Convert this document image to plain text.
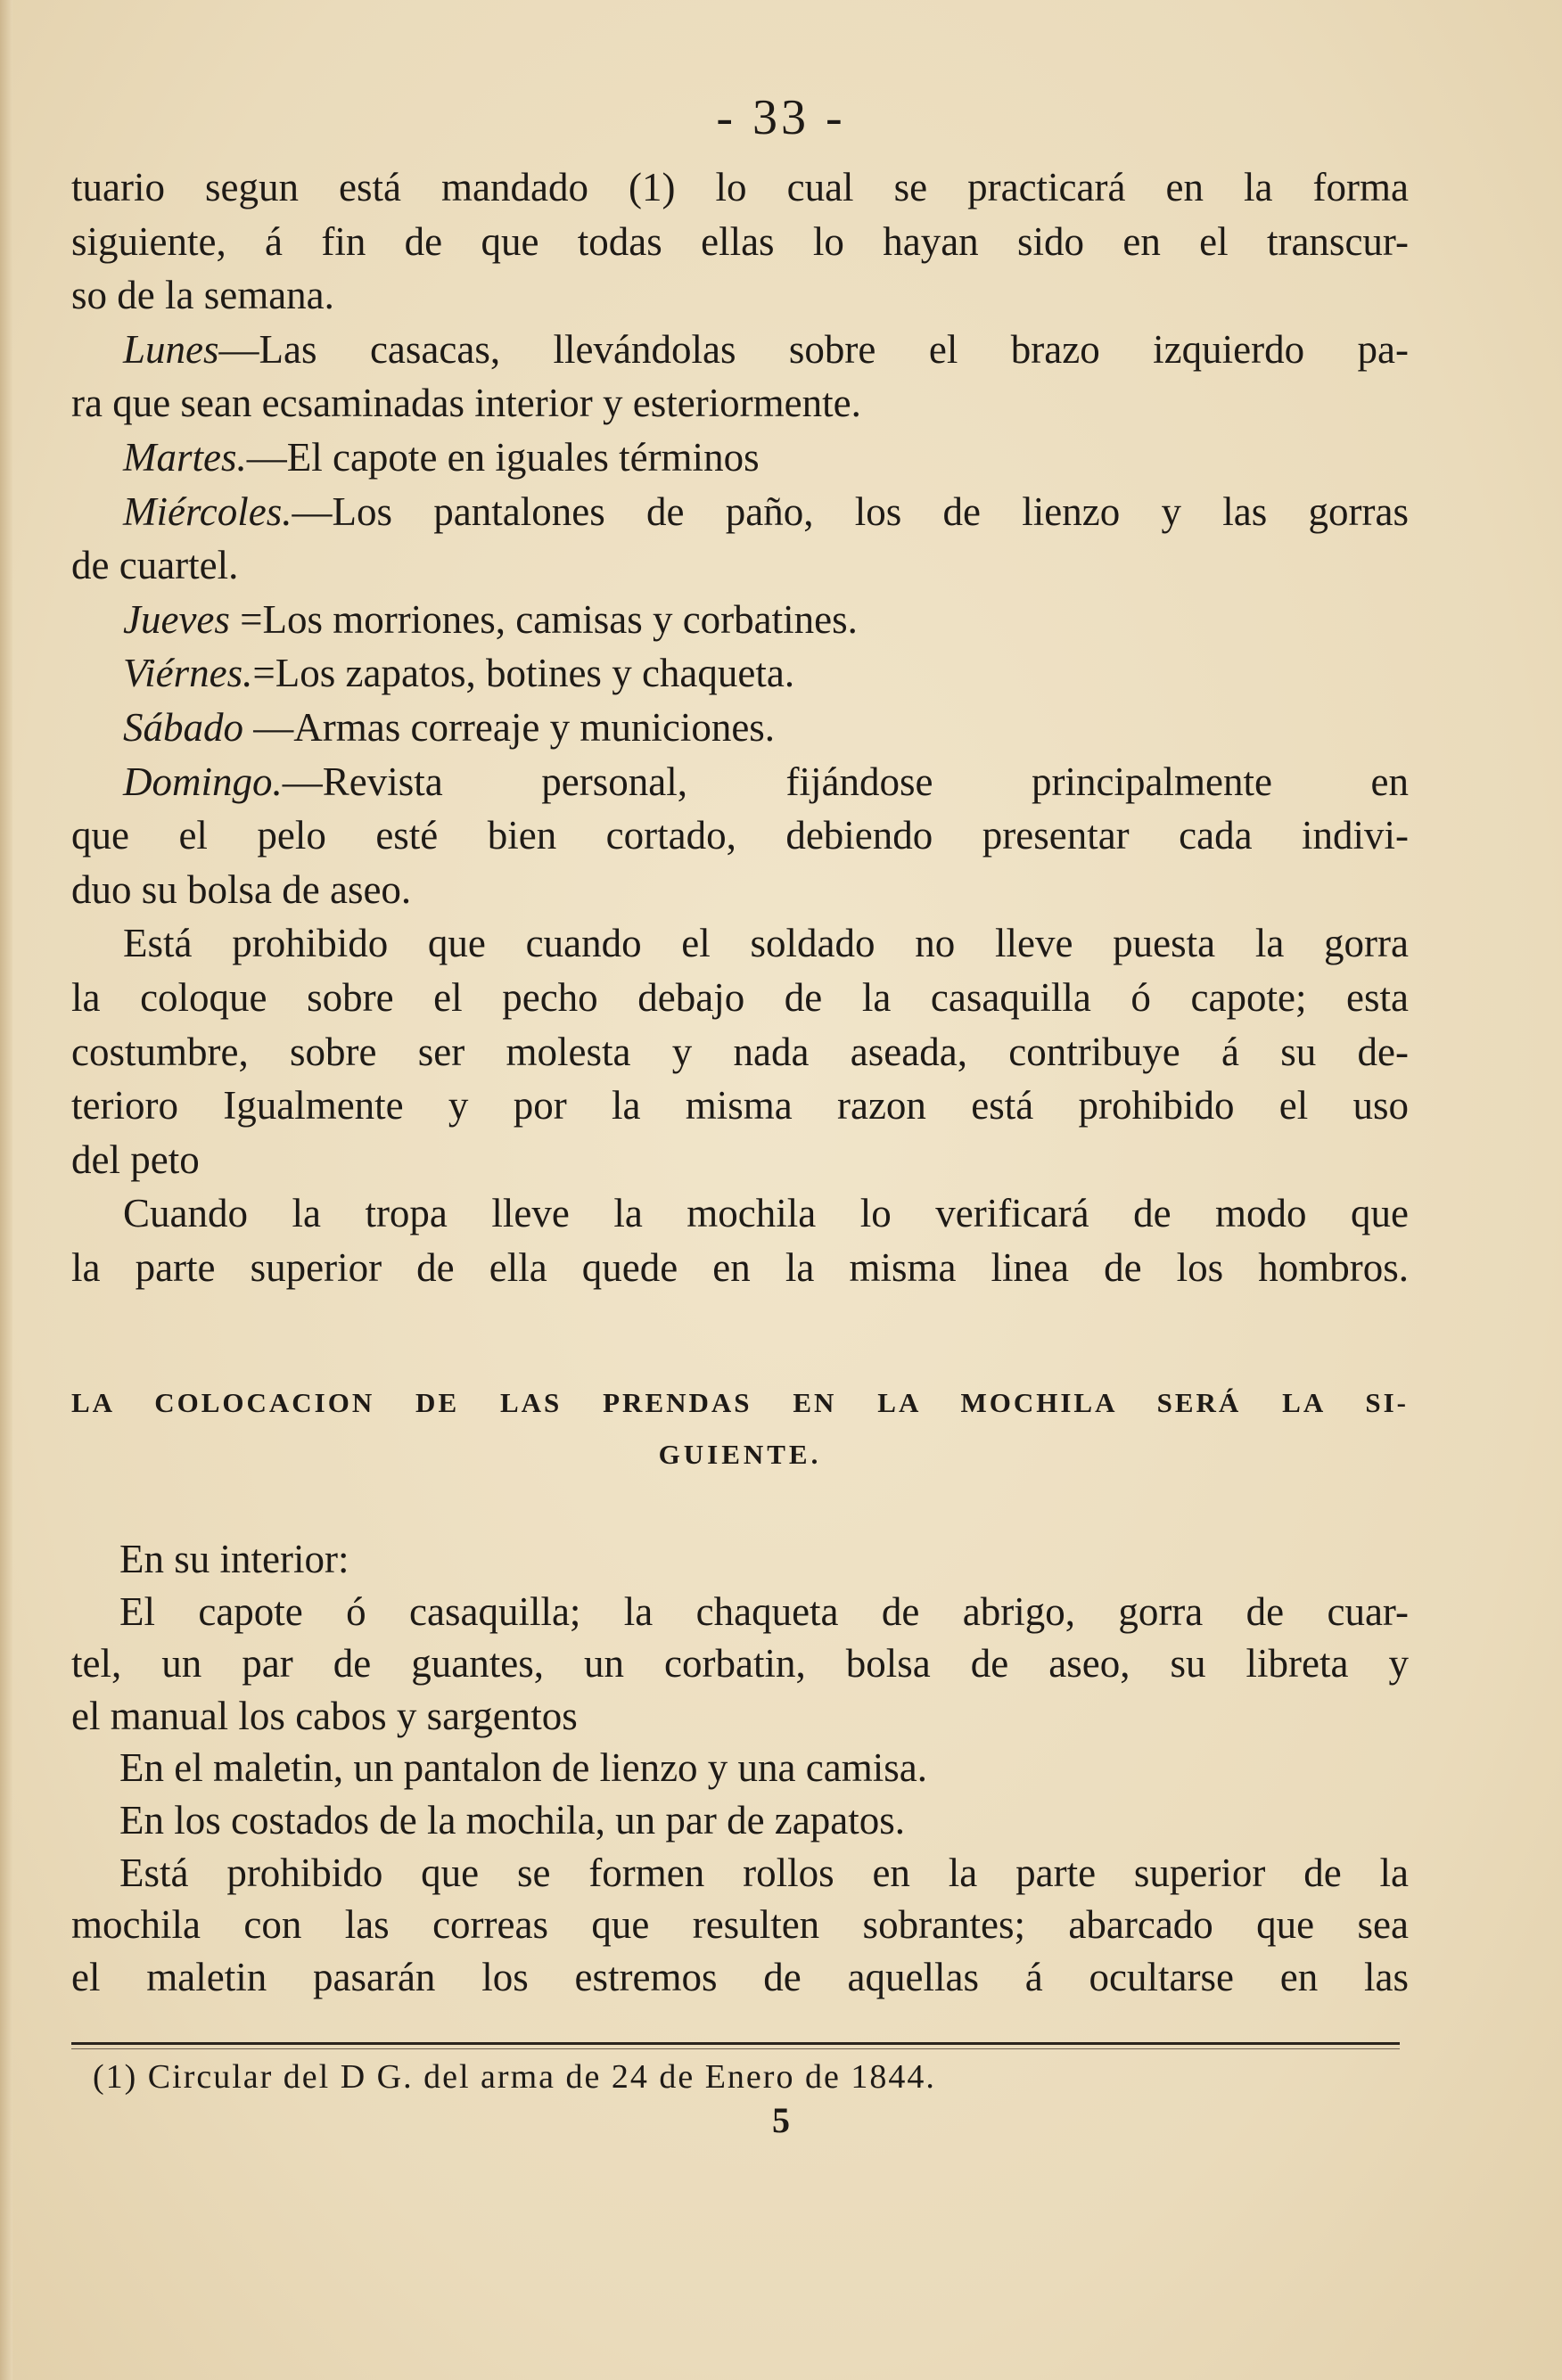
- 33 -
tuario segun está mandado (1) lo cual se practicará en la forma
siguiente, á fin de que todas ellas lo hayan sido en el transcur-
so de la semana.
Lunes—Las casacas, llevándolas sobre el brazo izquierdo pa-
ra que sean ecsaminadas interior y esteriormente.
Martes.—El capote en iguales términos
Miércoles.—Los pantalones de paño, los de lienzo y las gorras
de cuartel.
Jueves =Los morriones, camisas y corbatines.
Viérnes.=Los zapatos, botines y chaqueta.
Sábado —Armas correaje y municiones.
Domingo.—Revista personal, fijándose principalmente en
que el pelo esté bien cortado, debiendo presentar cada indivi-
duo su bolsa de aseo.
Está prohibido que cuando el soldado no lleve puesta la gorra
la coloque sobre el pecho debajo de la casaquilla ó capote; esta
costumbre, sobre ser molesta y nada aseada, contribuye á su de-
terioro Igualmente y por la misma razon está prohibido el uso
del peto
Cuando la tropa lleve la mochila lo verificará de modo que
la parte superior de ella quede en la misma linea de los hombros.
LA COLOCACION DE LAS PRENDAS EN LA MOCHILA SERÁ LA SI-
GUIENTE.
En su interior:
El capote ó casaquilla; la chaqueta de abrigo, gorra de cuar-
tel, un par de guantes, un corbatin, bolsa de aseo, su libreta y
el manual los cabos y sargentos
En el maletin, un pantalon de lienzo y una camisa.
En los costados de la mochila, un par de zapatos.
Está prohibido que se formen rollos en la parte superior de la
mochila con las correas que resulten sobrantes; abarcado que sea
el maletin pasarán los estremos de aquellas á ocultarse en las
(1) Circular del D G. del arma de 24 de Enero de 1844.
5
